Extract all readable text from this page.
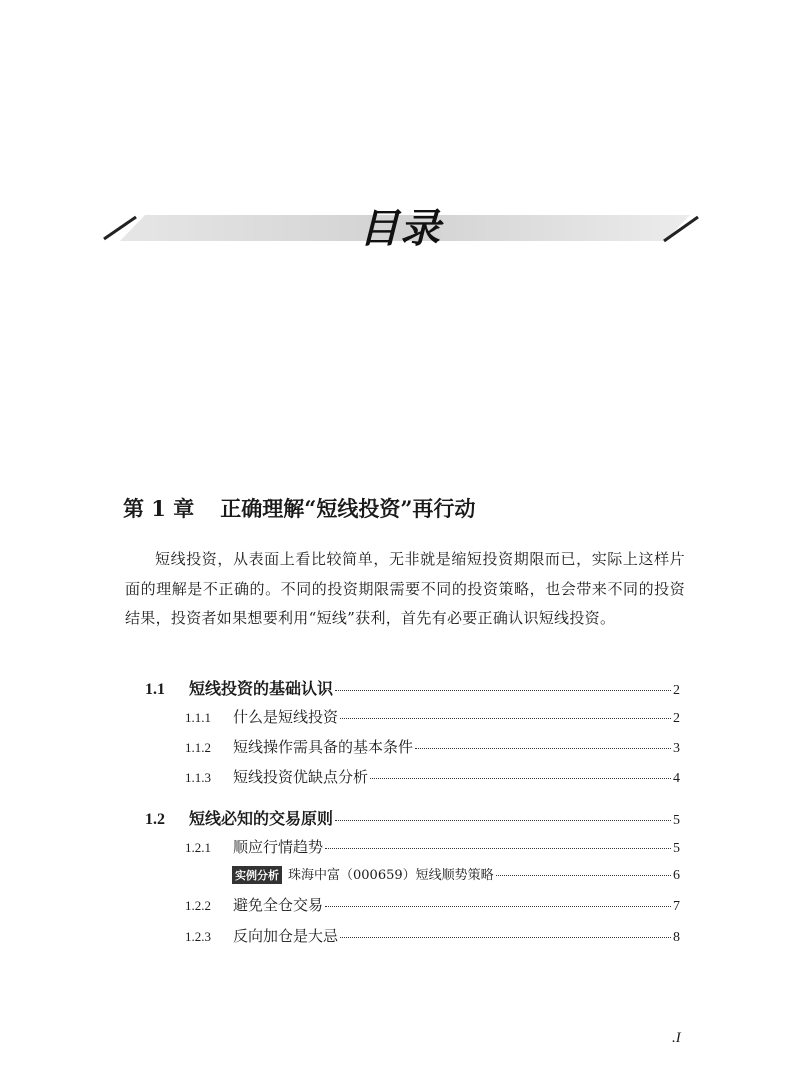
目录
第 1 章 正确理解“短线投资”再行动
短线投资，从表面上看比较简单，无非就是缩短投资期限而已，实际上这样片面的理解是不正确的。不同的投资期限需要不同的投资策略，也会带来不同的投资结果，投资者如果想要利用“短线”获利，首先有必要正确认识短线投资。
1.1 短线投资的基础认识	2
1.1.1 什么是短线投资	2
1.1.2 短线操作需具备的基本条件	3
1.1.3 短线投资优缺点分析	4
1.2 短线必知的交易原则	5
1.2.1 顺应行情趋势	5
实例分析 珠海中富（000659）短线顺势策略	6
1.2.2 避免全仓交易	7
1.2.3 反向加仓是大忌	8
.I
